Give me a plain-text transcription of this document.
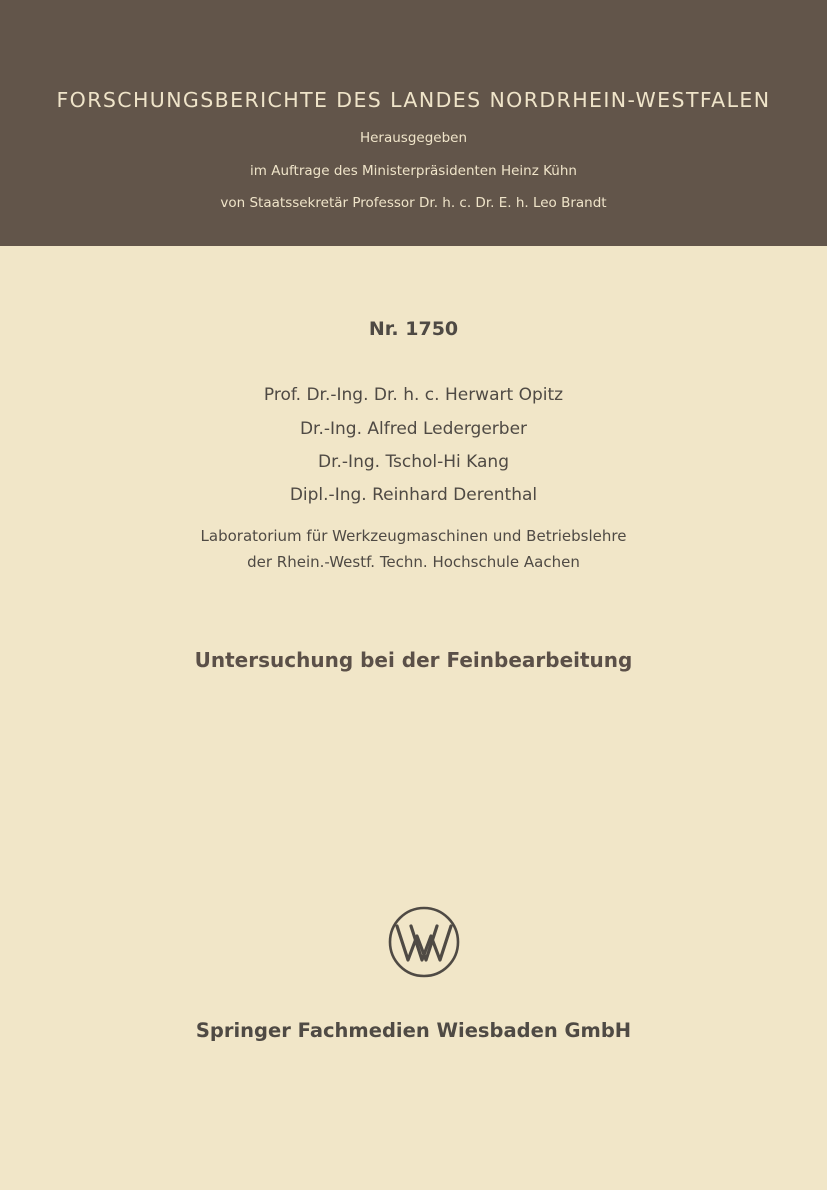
FORSCHUNGSBERICHTE DES LANDES NORDRHEIN-WESTFALEN
Herausgegeben
im Auftrage des Ministerpräsidenten Heinz Kühn
von Staatssekretär Professor Dr. h. c. Dr. E. h. Leo Brandt
Nr. 1750
Prof. Dr.-Ing. Dr. h. c. Herwart Opitz
Dr.-Ing. Alfred Ledergerber
Dr.-Ing. Tschol-Hi Kang
Dipl.-Ing. Reinhard Derenthal
Laboratorium für Werkzeugmaschinen und Betriebslehre
der Rhein.-Westf. Techn. Hochschule Aachen
Untersuchung bei der Feinbearbeitung
Springer Fachmedien Wiesbaden GmbH
